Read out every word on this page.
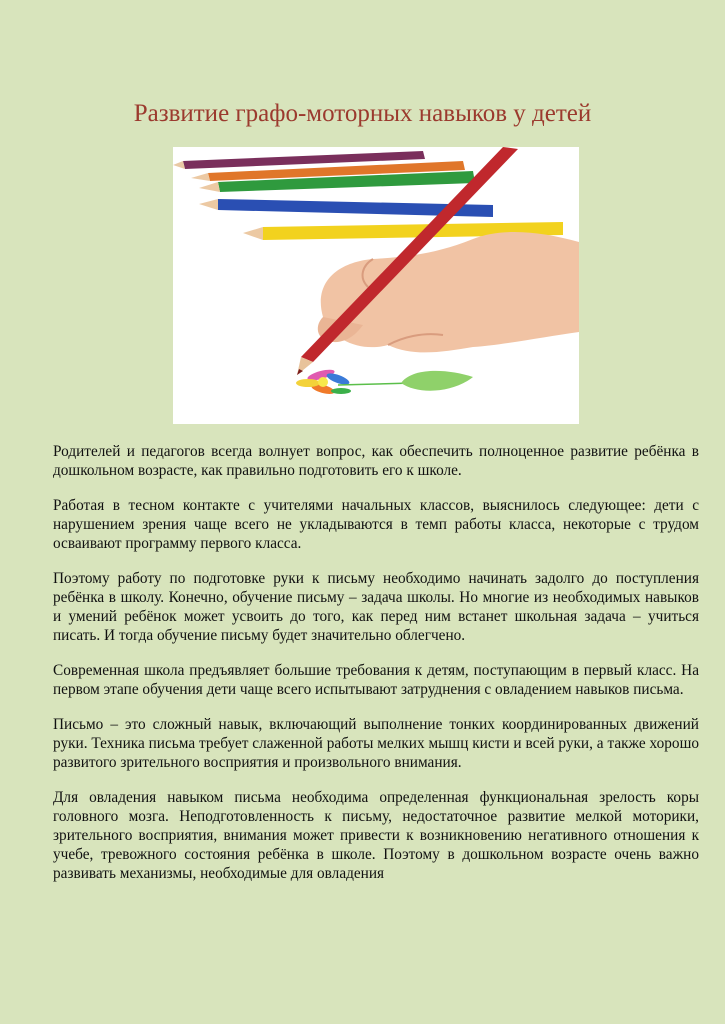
Развитие графо-моторных навыков у детей

Родителей и педагогов всегда волнует вопрос, как обеспечить полноценное развитие ребёнка в дошкольном возрасте, как правильно подготовить его к школе.

Работая в тесном контакте с учителями начальных классов, выяснилось следующее: дети с нарушением зрения чаще всего не укладываются в темп работы класса, некоторые с трудом осваивают программу первого класса.

Поэтому работу по подготовке руки к письму необходимо начинать задолго до поступления ребёнка в школу. Конечно, обучение письму – задача школы. Но многие из необходимых навыков и умений ребёнок может усвоить до того, как перед ним встанет школьная задача – учиться писать. И тогда обучение письму будет значительно облегчено.

Современная школа предъявляет большие требования к детям, поступающим в первый класс. На первом этапе обучения дети чаще всего испытывают затруднения с овладением навыков письма.

Письмо – это сложный навык, включающий выполнение тонких координированных движений руки. Техника письма требует слаженной работы мелких мышц кисти и всей руки, а также хорошо развитого зрительного восприятия и произвольного внимания.

Для овладения навыком письма необходима определенная функциональная зрелость коры головного мозга. Неподготовленность к письму, недостаточное развитие мелкой моторики, зрительного восприятия, внимания может привести к возникновению негативного отношения к учебе, тревожного состояния ребёнка в школе. Поэтому в дошкольном возрасте очень важно развивать механизмы, необходимые для овладения
